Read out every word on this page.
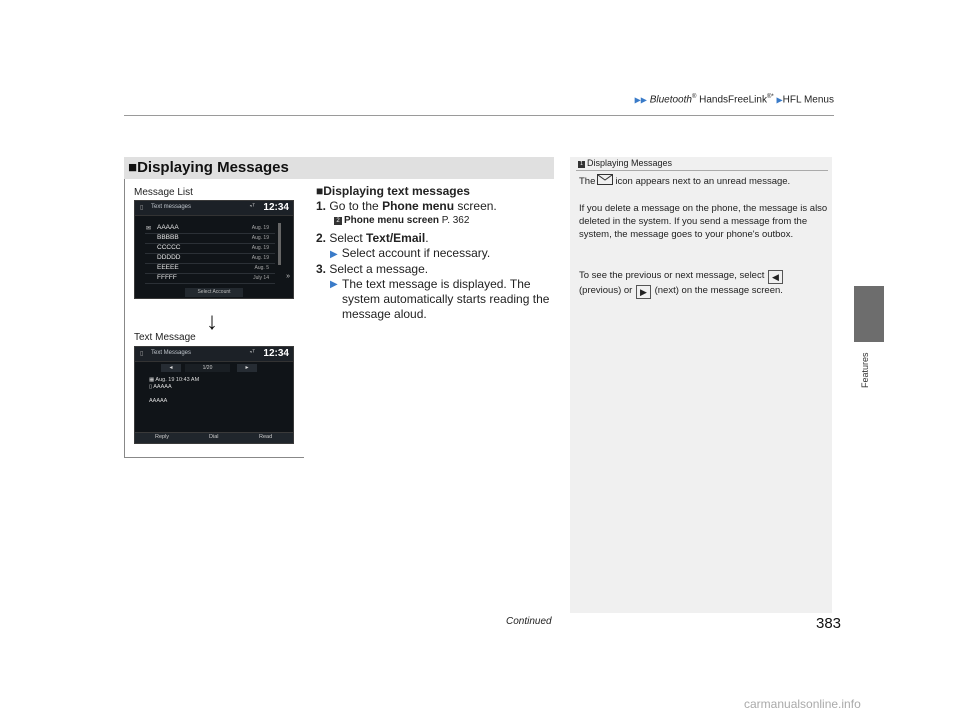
▶▶ Bluetooth® HandsFreeLink®* ▶HFL Menus
Features
■Displaying Messages
Message List
▯ Text messages	◔ᵀ 12:34
✉ AAAAA	Aug. 19
BBBBB	Aug. 19
CCCCC	Aug. 19
DDDDD	Aug. 19
EEEEE	Aug. 5
FFFFF	July 14 »
Select Account
↓
Text Message
▯ Text Messages	◔ᵀ 12:34
◂	1/20	▸
▦ Aug. 19 10:43 AM
▯ AAAAA
AAAAA
Reply	Dial	Read
■Displaying text messages
1. Go to the Phone menu screen.
2 Phone menu screen P. 362
2. Select Text/Email.
▶ Select account if necessary.
3. Select a message.
▶ The text message is displayed. The system automatically starts reading the message aloud.
1 Displaying Messages
The icon appears next to an unread message.
If you delete a message on the phone, the message is also deleted in the system. If you send a message from the system, the message goes to your phone's outbox.
To see the previous or next message, select ◀
(previous) or ▶ (next) on the message screen.
Continued	383
carmanualsonline.info
